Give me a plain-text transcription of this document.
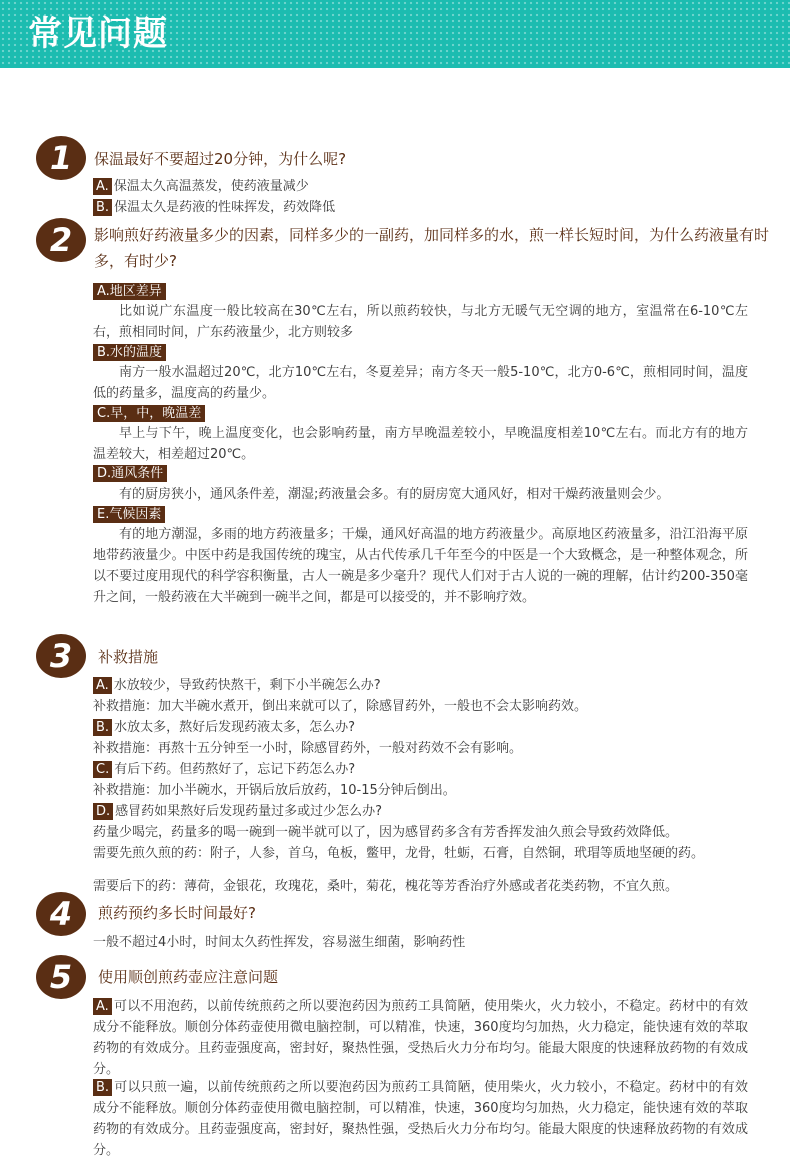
常见问题
1	保温最好不要超过20分钟，为什么呢?
A. 保温太久高温蒸发，使药液量减少
B. 保温太久是药液的性味挥发，药效降低
2	影响煎好药液量多少的因素，同样多少的一副药，加同样多的水，煎一样长短时间，为什么药液量有时多，有时少?
A.地区差异
比如说广东温度一般比较高在30℃左右，所以煎药较快，与北方无暖气无空调的地方，室温常在6-10℃左右，煎相同时间，广东药液量少，北方则较多
B.水的温度
南方一般水温超过20℃，北方10℃左右，冬夏差异；南方冬天一般5-10℃，北方0-6℃，煎相同时间，温度低的药量多，温度高的药量少。
C.早，中，晚温差
早上与下午，晚上温度变化，也会影响药量，南方早晚温差较小，早晚温度相差10℃左右。而北方有的地方温差较大，相差超过20℃。
D.通风条件
有的厨房狭小，通风条件差，潮湿;药液量会多。有的厨房宽大通风好，相对干燥药液量则会少。
E.气候因素
有的地方潮湿，多雨的地方药液量多；干燥，通风好高温的地方药液量少。高原地区药液量多，沿江沿海平原地带药液量少。中医中药是我国传统的瑰宝，从古代传承几千年至今的中医是一个大致概念，是一种整体观念，所以不要过度用现代的科学容积衡量，古人一碗是多少毫升？现代人们对于古人说的一碗的理解，估计约200-350毫升之间，一般药液在大半碗到一碗半之间，都是可以接受的，并不影响疗效。
3	补救措施
A. 水放较少，导致药快熬干，剩下小半碗怎么办?
补救措施：加大半碗水煮开，倒出来就可以了，除感冒药外，一般也不会太影响药效。
B. 水放太多，熬好后发现药液太多，怎么办?
补救措施：再熬十五分钟至一小时，除感冒药外，一般对药效不会有影响。
C. 有后下药。但药熬好了，忘记下药怎么办?
补救措施：加小半碗水，开锅后放后放药，10-15分钟后倒出。
D. 感冒药如果熬好后发现药量过多或过少怎么办?
药量少喝完，药量多的喝一碗到一碗半就可以了，因为感冒药多含有芳香挥发油久煎会导致药效降低。
需要先煎久煎的药：附子，人参，首乌，龟板，鳖甲，龙骨，牡蛎，石膏，自然铜，玳瑁等质地坚硬的药。
需要后下的药：薄荷，金银花，玫瑰花，桑叶，菊花，槐花等芳香治疗外感或者花类药物，不宜久煎。
4	煎药预约多长时间最好?
一般不超过4小时，时间太久药性挥发，容易滋生细菌，影响药性
5	使用顺创煎药壶应注意问题
A. 可以不用泡药，以前传统煎药之所以要泡药因为煎药工具简陋，使用柴火，火力较小，不稳定。药材中的有效成分不能释放。顺创分体药壶使用微电脑控制，可以精准，快速，360度均匀加热，火力稳定，能快速有效的萃取药物的有效成分。且药壶强度高，密封好，聚热性强，受热后火力分布均匀。能最大限度的快速释放药物的有效成分。
B. 可以只煎一遍，以前传统煎药之所以要泡药因为煎药工具简陋，使用柴火，火力较小，不稳定。药材中的有效成分不能释放。顺创分体药壶使用微电脑控制，可以精准，快速，360度均匀加热，火力稳定，能快速有效的萃取药物的有效成分。且药壶强度高，密封好，聚热性强，受热后火力分布均匀。能最大限度的快速释放药物的有效成分。
